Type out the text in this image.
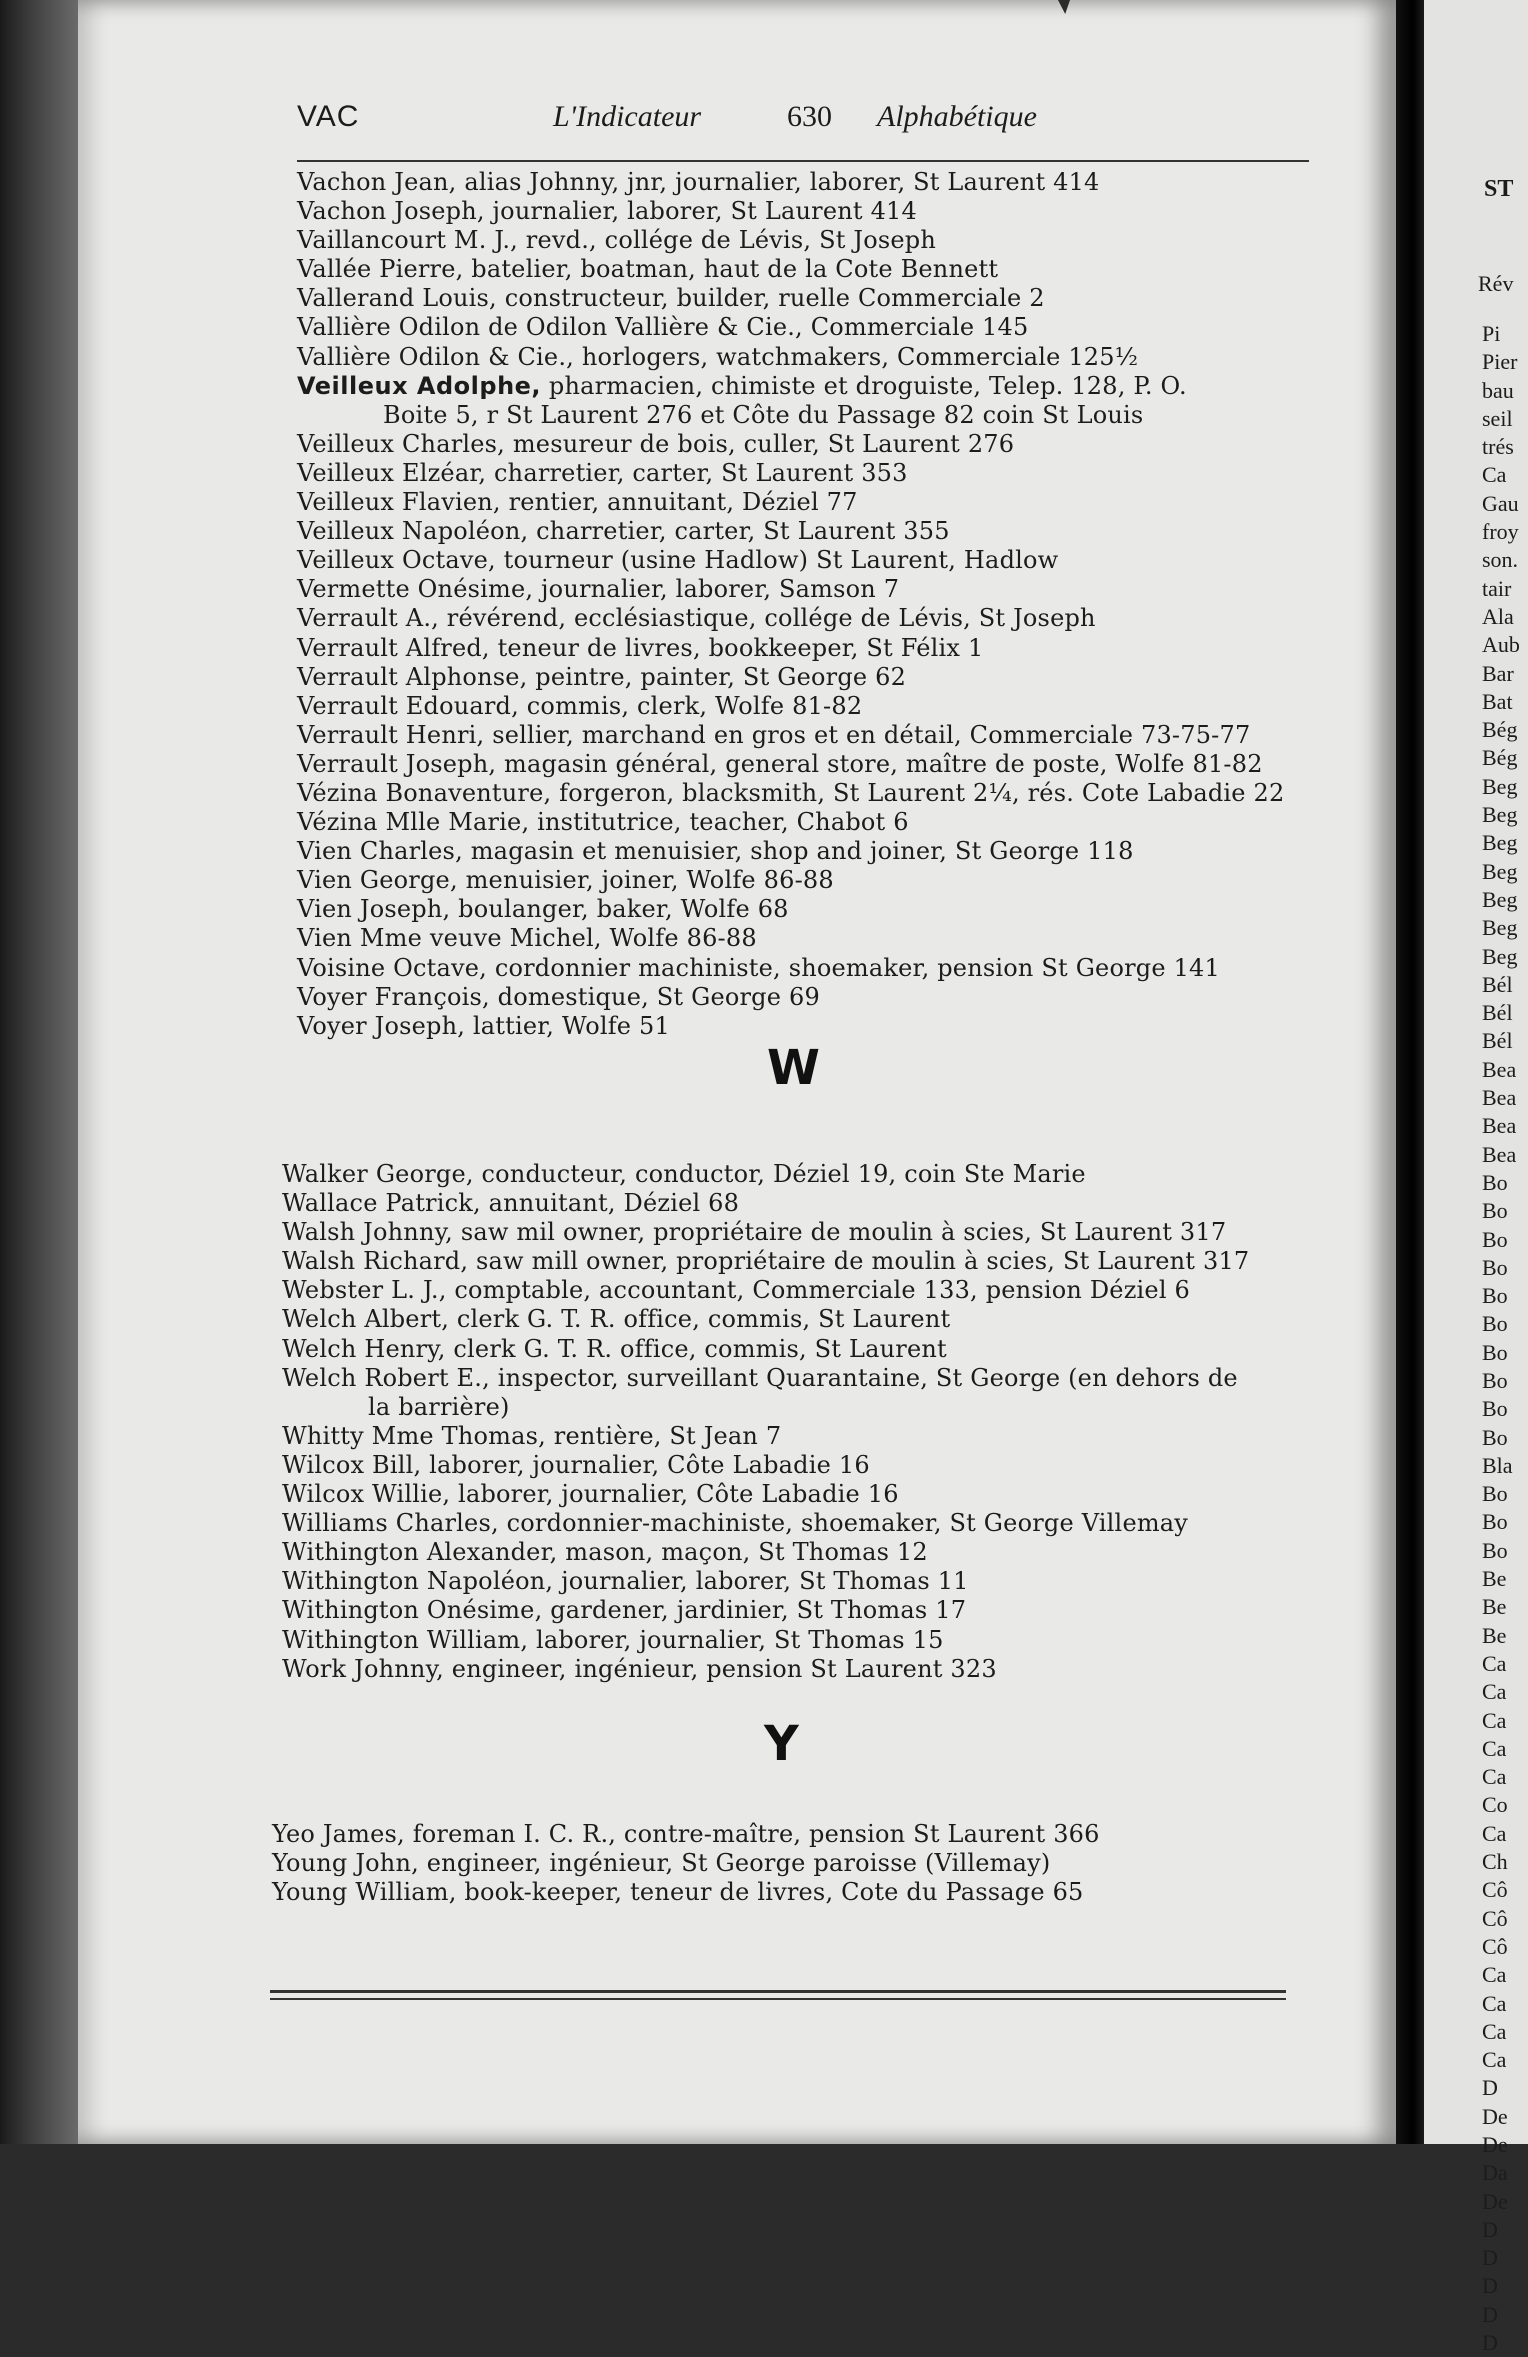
ST
Rév
Pi
Pier
bau
seil
trés
Ca
Gau
froy
son.
tair
Ala
Aub
Bar
Bat
Bég
Bég
Beg
Beg
Beg
Beg
Beg
Beg
Beg
Bél
Bél
Bél
Bea
Bea
Bea
Bea
Bo
Bo
Bo
Bo
Bo
Bo
Bo
Bo
Bo
Bo
Bla
Bo
Bo
Bo
Be
Be
Be
Ca
Ca
Ca
Ca
Ca
Co
Ca
Ch
Cô
Cô
Cô
Ca
Ca
Ca
Ca
D
De
De
Da
De
D
D
D
D
D
VAC	L'Indicateur	630 Alphabétique
Vachon Jean, alias Johnny, jnr, journalier, laborer, St Laurent 414
Vachon Joseph, journalier, laborer, St Laurent 414
Vaillancourt M. J., revd., collége de Lévis, St Joseph
Vallée Pierre, batelier, boatman, haut de la Cote Bennett
Vallerand Louis, constructeur, builder, ruelle Commerciale 2
Vallière Odilon de Odilon Vallière & Cie., Commerciale 145
Vallière Odilon & Cie., horlogers, watchmakers, Commerciale 125½
Veilleux Adolphe, pharmacien, chimiste et droguiste, Telep. 128, P. O.
Boite 5, r St Laurent 276 et Côte du Passage 82 coin St Louis
Veilleux Charles, mesureur de bois, culler, St Laurent 276
Veilleux Elzéar, charretier, carter, St Laurent 353
Veilleux Flavien, rentier, annuitant, Déziel 77
Veilleux Napoléon, charretier, carter, St Laurent 355
Veilleux Octave, tourneur (usine Hadlow) St Laurent, Hadlow
Vermette Onésime, journalier, laborer, Samson 7
Verrault A., révérend, ecclésiastique, collége de Lévis, St Joseph
Verrault Alfred, teneur de livres, bookkeeper, St Félix 1
Verrault Alphonse, peintre, painter, St George 62
Verrault Edouard, commis, clerk, Wolfe 81-82
Verrault Henri, sellier, marchand en gros et en détail, Commerciale 73-75-77
Verrault Joseph, magasin général, general store, maître de poste, Wolfe 81-82
Vézina Bonaventure, forgeron, blacksmith, St Laurent 2¼, rés. Cote Labadie 22
Vézina Mlle Marie, institutrice, teacher, Chabot 6
Vien Charles, magasin et menuisier, shop and joiner, St George 118
Vien George, menuisier, joiner, Wolfe 86-88
Vien Joseph, boulanger, baker, Wolfe 68
Vien Mme veuve Michel, Wolfe 86-88
Voisine Octave, cordonnier machiniste, shoemaker, pension St George 141
Voyer François, domestique, St George 69
Voyer Joseph, lattier, Wolfe 51
W
Walker George, conducteur, conductor, Déziel 19, coin Ste Marie
Wallace Patrick, annuitant, Déziel 68
Walsh Johnny, saw mil owner, propriétaire de moulin à scies, St Laurent 317
Walsh Richard, saw mill owner, propriétaire de moulin à scies, St Laurent 317
Webster L. J., comptable, accountant, Commerciale 133, pension Déziel 6
Welch Albert, clerk G. T. R. office, commis, St Laurent
Welch Henry, clerk G. T. R. office, commis, St Laurent
Welch Robert E., inspector, surveillant Quarantaine, St George (en dehors de
la barrière)
Whitty Mme Thomas, rentière, St Jean 7
Wilcox Bill, laborer, journalier, Côte Labadie 16
Wilcox Willie, laborer, journalier, Côte Labadie 16
Williams Charles, cordonnier-machiniste, shoemaker, St George Villemay
Withington Alexander, mason, maçon, St Thomas 12
Withington Napoléon, journalier, laborer, St Thomas 11
Withington Onésime, gardener, jardinier, St Thomas 17
Withington William, laborer, journalier, St Thomas 15
Work Johnny, engineer, ingénieur, pension St Laurent 323
Y
Yeo James, foreman I. C. R., contre-maître, pension St Laurent 366
Young John, engineer, ingénieur, St George paroisse (Villemay)
Young William, book-keeper, teneur de livres, Cote du Passage 65
